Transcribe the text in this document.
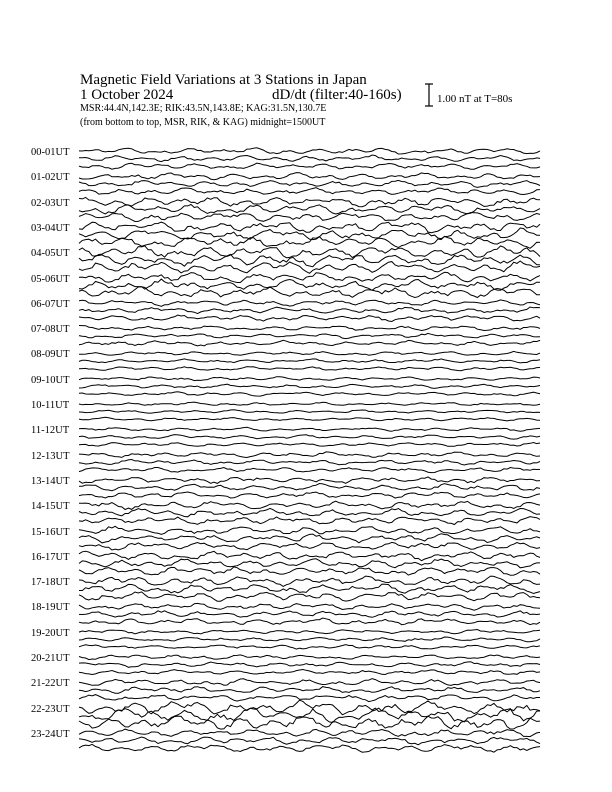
Magnetic Field Variations at 3 Stations in Japan
1 October 2024	dD/dt (filter:40-160s)
MSR:44.4N,142.3E; RIK:43.5N,143.8E; KAG:31.5N,130.7E
(from bottom to top, MSR, RIK, & KAG) midnight=1500UT
1.00 nT at T=80s
00-01UT
01-02UT
02-03UT
03-04UT
04-05UT
05-06UT
06-07UT
07-08UT
08-09UT
09-10UT
10-11UT
11-12UT
12-13UT
13-14UT
14-15UT
15-16UT
16-17UT
17-18UT
18-19UT
19-20UT
20-21UT
21-22UT
22-23UT
23-24UT
